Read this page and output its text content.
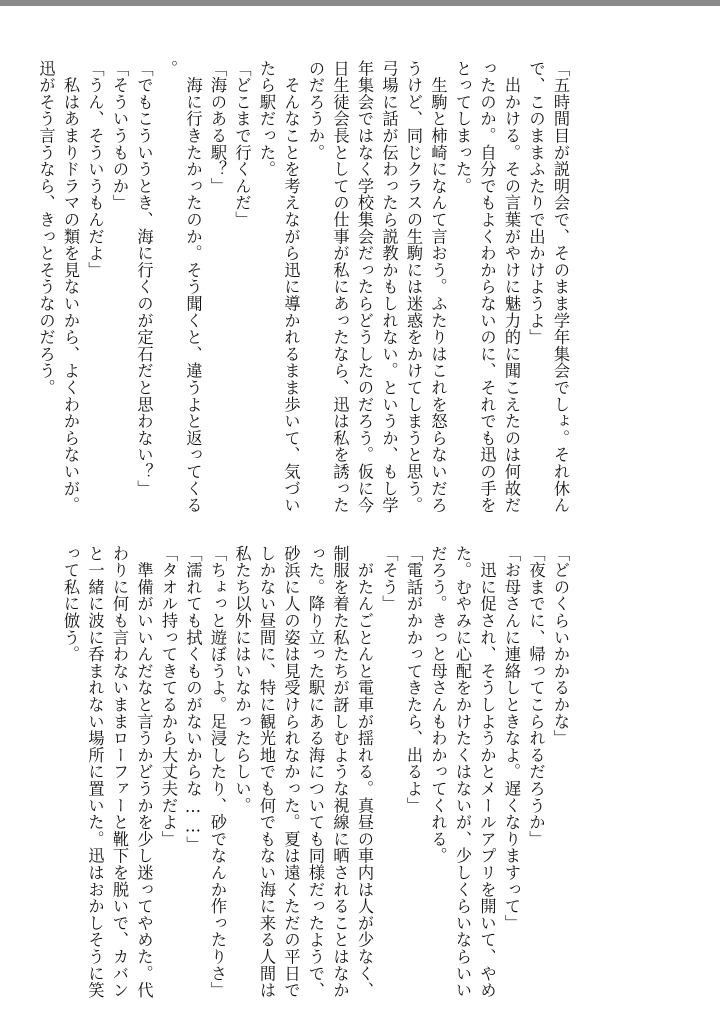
「五時間目が説明会で、そのまま学年集会でしょ。それ休ん
で、このままふたりで出かけようよ」
　出かける。その言葉がやけに魅力的に聞こえたのは何故だ
ったのか。自分でもよくわからないのに、それでも迅の手を
とってしまった。
　生駒と柿崎になんて言おう。ふたりはこれを怒らないだろ
うけど、同じクラスの生駒には迷惑をかけてしまうと思う。
弓場に話が伝わったら説教かもしれない。というか、もし学
年集会ではなく学校集会だったらどうしたのだろう。仮に今
日生徒会長としての仕事が私にあったなら、迅は私を誘った
のだろうか。
　そんなことを考えながら迅に導かれるまま歩いて、気づい
たら駅だった。
「どこまで行くんだ」
「海のある駅？」
　海に行きたかったのか。そう聞くと、違うよと返ってくる
。
「でもこういうとき、海に行くのが定石だと思わない？」
「そういうものか」
「うん、そういうもんだよ」
　私はあまりドラマの類を見ないから、よくわからないが。
迅がそう言うなら、きっとそうなのだろう。
「どのくらいかかるかな」
「夜までに、帰ってこられるだろうか」
「お母さんに連絡しときなよ。遅くなりますって」
　迅に促され、そうしようかとメールアプリを開いて、やめ
た。むやみに心配をかけたくはないが、少しくらいならいい
だろう。きっと母さんもわかってくれる。
「電話がかかってきたら、出るよ」
「そう」
　がたんごとんと電車が揺れる。真昼の車内は人が少なく、
制服を着た私たちが訝しむような視線に晒されることはなか
った。降り立った駅にある海についても同様だったようで、
砂浜に人の姿は見受けられなかった。夏は遠くただの平日で
しかない昼間に、特に観光地でも何でもない海に来る人間は
私たち以外にはいなかったらしい。
「ちょっと遊ぼうよ。足浸したり、砂でなんか作ったりさ」
「濡れても拭くものがないからな……」
「タオル持ってきてるから大丈夫だよ」
　準備がいいんだなと言うかどうかを少し迷ってやめた。代
わりに何も言わないままローファーと靴下を脱いで、カバン
と一緒に波に呑まれない場所に置いた。迅はおかしそうに笑
って私に倣う。
